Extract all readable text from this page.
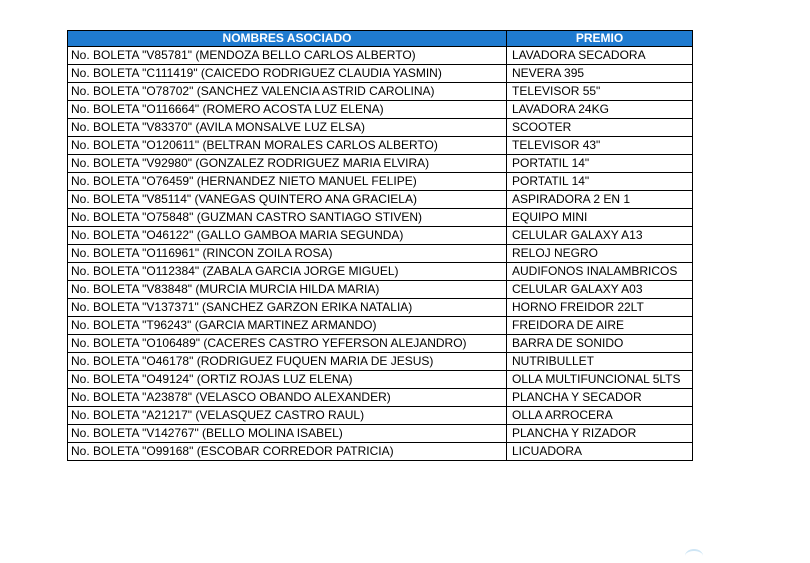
NOMBRES ASOCIADO	PREMIO
No. BOLETA "V85781" (MENDOZA BELLO CARLOS ALBERTO)	LAVADORA SECADORA
No. BOLETA "C111419" (CAICEDO RODRIGUEZ CLAUDIA YASMIN)	NEVERA 395
No. BOLETA "O78702" (SANCHEZ VALENCIA ASTRID CAROLINA)	TELEVISOR 55"
No. BOLETA "O116664" (ROMERO ACOSTA LUZ ELENA)	LAVADORA 24KG
No. BOLETA "V83370" (AVILA MONSALVE LUZ ELSA)	SCOOTER
No. BOLETA "O120611" (BELTRAN MORALES CARLOS ALBERTO)	TELEVISOR 43"
No. BOLETA "V92980" (GONZALEZ RODRIGUEZ MARIA ELVIRA)	PORTATIL 14"
No. BOLETA "O76459" (HERNANDEZ NIETO MANUEL FELIPE)	PORTATIL 14"
No. BOLETA "V85114" (VANEGAS QUINTERO ANA GRACIELA)	ASPIRADORA 2 EN 1
No. BOLETA "O75848" (GUZMAN CASTRO SANTIAGO STIVEN)	EQUIPO MINI
No. BOLETA "O46122" (GALLO GAMBOA MARIA SEGUNDA)	CELULAR GALAXY A13
No. BOLETA "O116961" (RINCON ZOILA ROSA)	RELOJ NEGRO
No. BOLETA "O112384" (ZABALA GARCIA JORGE MIGUEL)	AUDIFONOS INALAMBRICOS
No. BOLETA "V83848" (MURCIA MURCIA HILDA MARIA)	CELULAR GALAXY A03
No. BOLETA "V137371" (SANCHEZ GARZON ERIKA NATALIA)	HORNO FREIDOR 22LT
No. BOLETA "T96243" (GARCIA MARTINEZ ARMANDO)	FREIDORA DE AIRE
No. BOLETA "O106489" (CACERES CASTRO YEFERSON ALEJANDRO)	BARRA DE SONIDO
No. BOLETA "O46178" (RODRIGUEZ FUQUEN MARIA DE JESUS)	NUTRIBULLET
No. BOLETA "O49124" (ORTIZ ROJAS LUZ ELENA)	OLLA MULTIFUNCIONAL 5LTS
No. BOLETA "A23878" (VELASCO OBANDO ALEXANDER)	PLANCHA Y SECADOR
No. BOLETA "A21217" (VELASQUEZ CASTRO RAUL)	OLLA ARROCERA
No. BOLETA "V142767" (BELLO MOLINA ISABEL)	PLANCHA Y RIZADOR
No. BOLETA "O99168" (ESCOBAR CORREDOR PATRICIA)	LICUADORA
